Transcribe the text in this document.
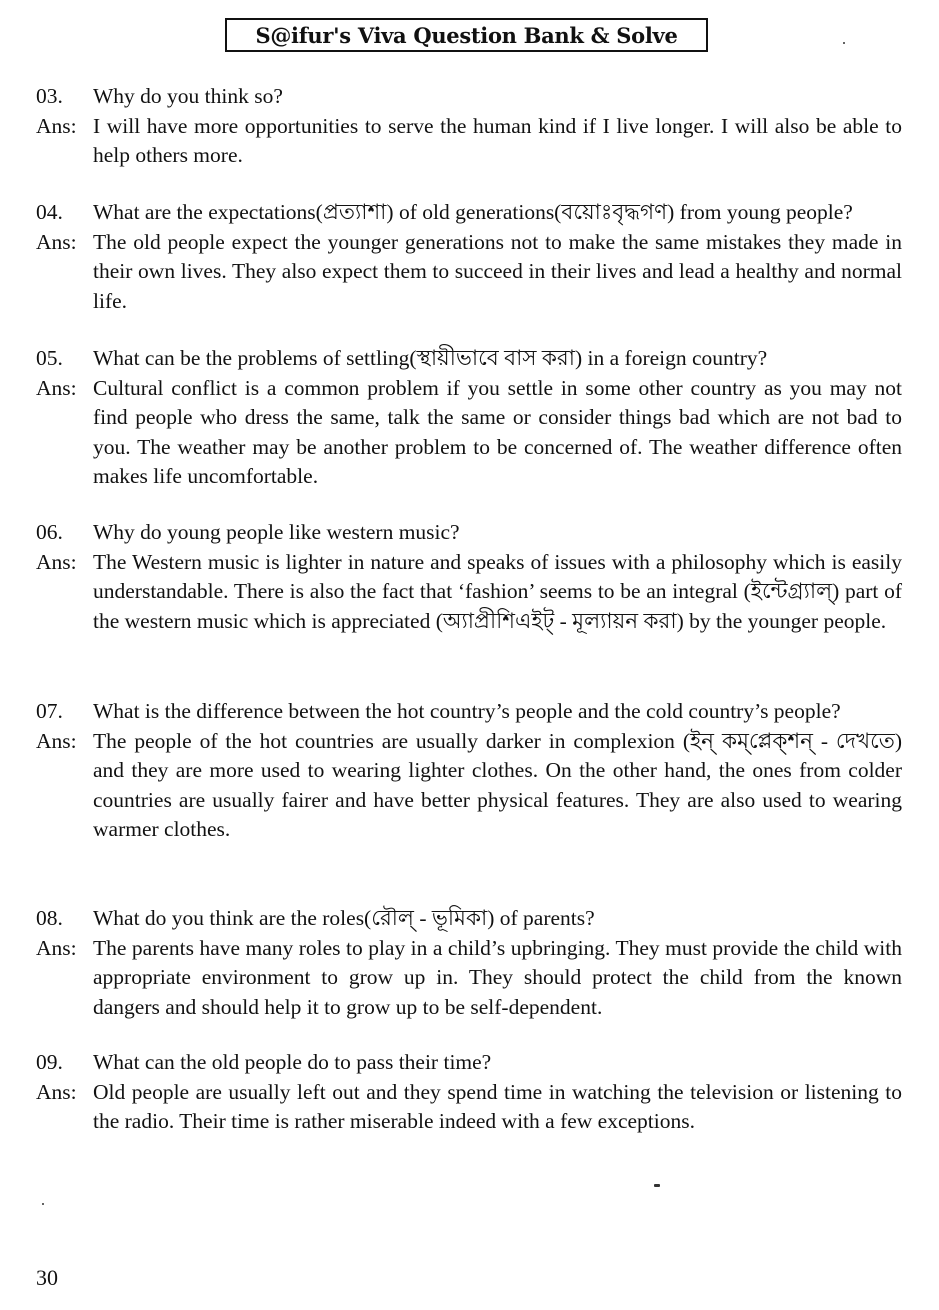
S@ifur's Viva Question Bank & Solve
03.	Why do you think so?
Ans: I will have more opportunities to serve the human kind if I live longer. I will also be able to help others more.
04.	What are the expectations(প্রত্যাশা) of old generations(বয়োঃবৃদ্ধগণ) from young people?
Ans: The old people expect the younger generations not to make the same mistakes they made in their own lives. They also expect them to succeed in their lives and lead a healthy and normal life.
05.	What can be the problems of settling(স্থায়ীভাবে বাস করা) in a foreign country?
Ans: Cultural conflict is a common problem if you settle in some other country as you may not find people who dress the same, talk the same or consider things bad which are not bad to you. The weather may be another problem to be concerned of. The weather difference often makes life uncomfortable.
06.	Why do young people like western music?
Ans: The Western music is lighter in nature and speaks of issues with a philosophy which is easily understandable. There is also the fact that ‘fashion’ seems to be an integral (ইন্টেগ্র্যাল্) part of the western music which is appreciated (অ্যাপ্রীশিএইট্ - মূল্যায়ন করা) by the younger people.
07.	What is the difference between the hot country’s people and the cold country’s people?
Ans: The people of the hot countries are usually darker in complexion (ইন্ কম্‌প্লেক্‌শন্ - দেখতে) and they are more used to wearing lighter clothes. On the other hand, the ones from colder countries are usually fairer and have better physical features. They are also used to wearing warmer clothes.
08.	What do you think are the roles(রৌল্ - ভূমিকা) of parents?
Ans: The parents have many roles to play in a child’s upbringing. They must provide the child with appropriate environment to grow up in. They should protect the child from the known dangers and should help it to grow up to be self-dependent.
09.	What can the old people do to pass their time?
Ans: Old people are usually left out and they spend time in watching the television or listening to the radio. Their time is rather miserable indeed with a few exceptions.
30
